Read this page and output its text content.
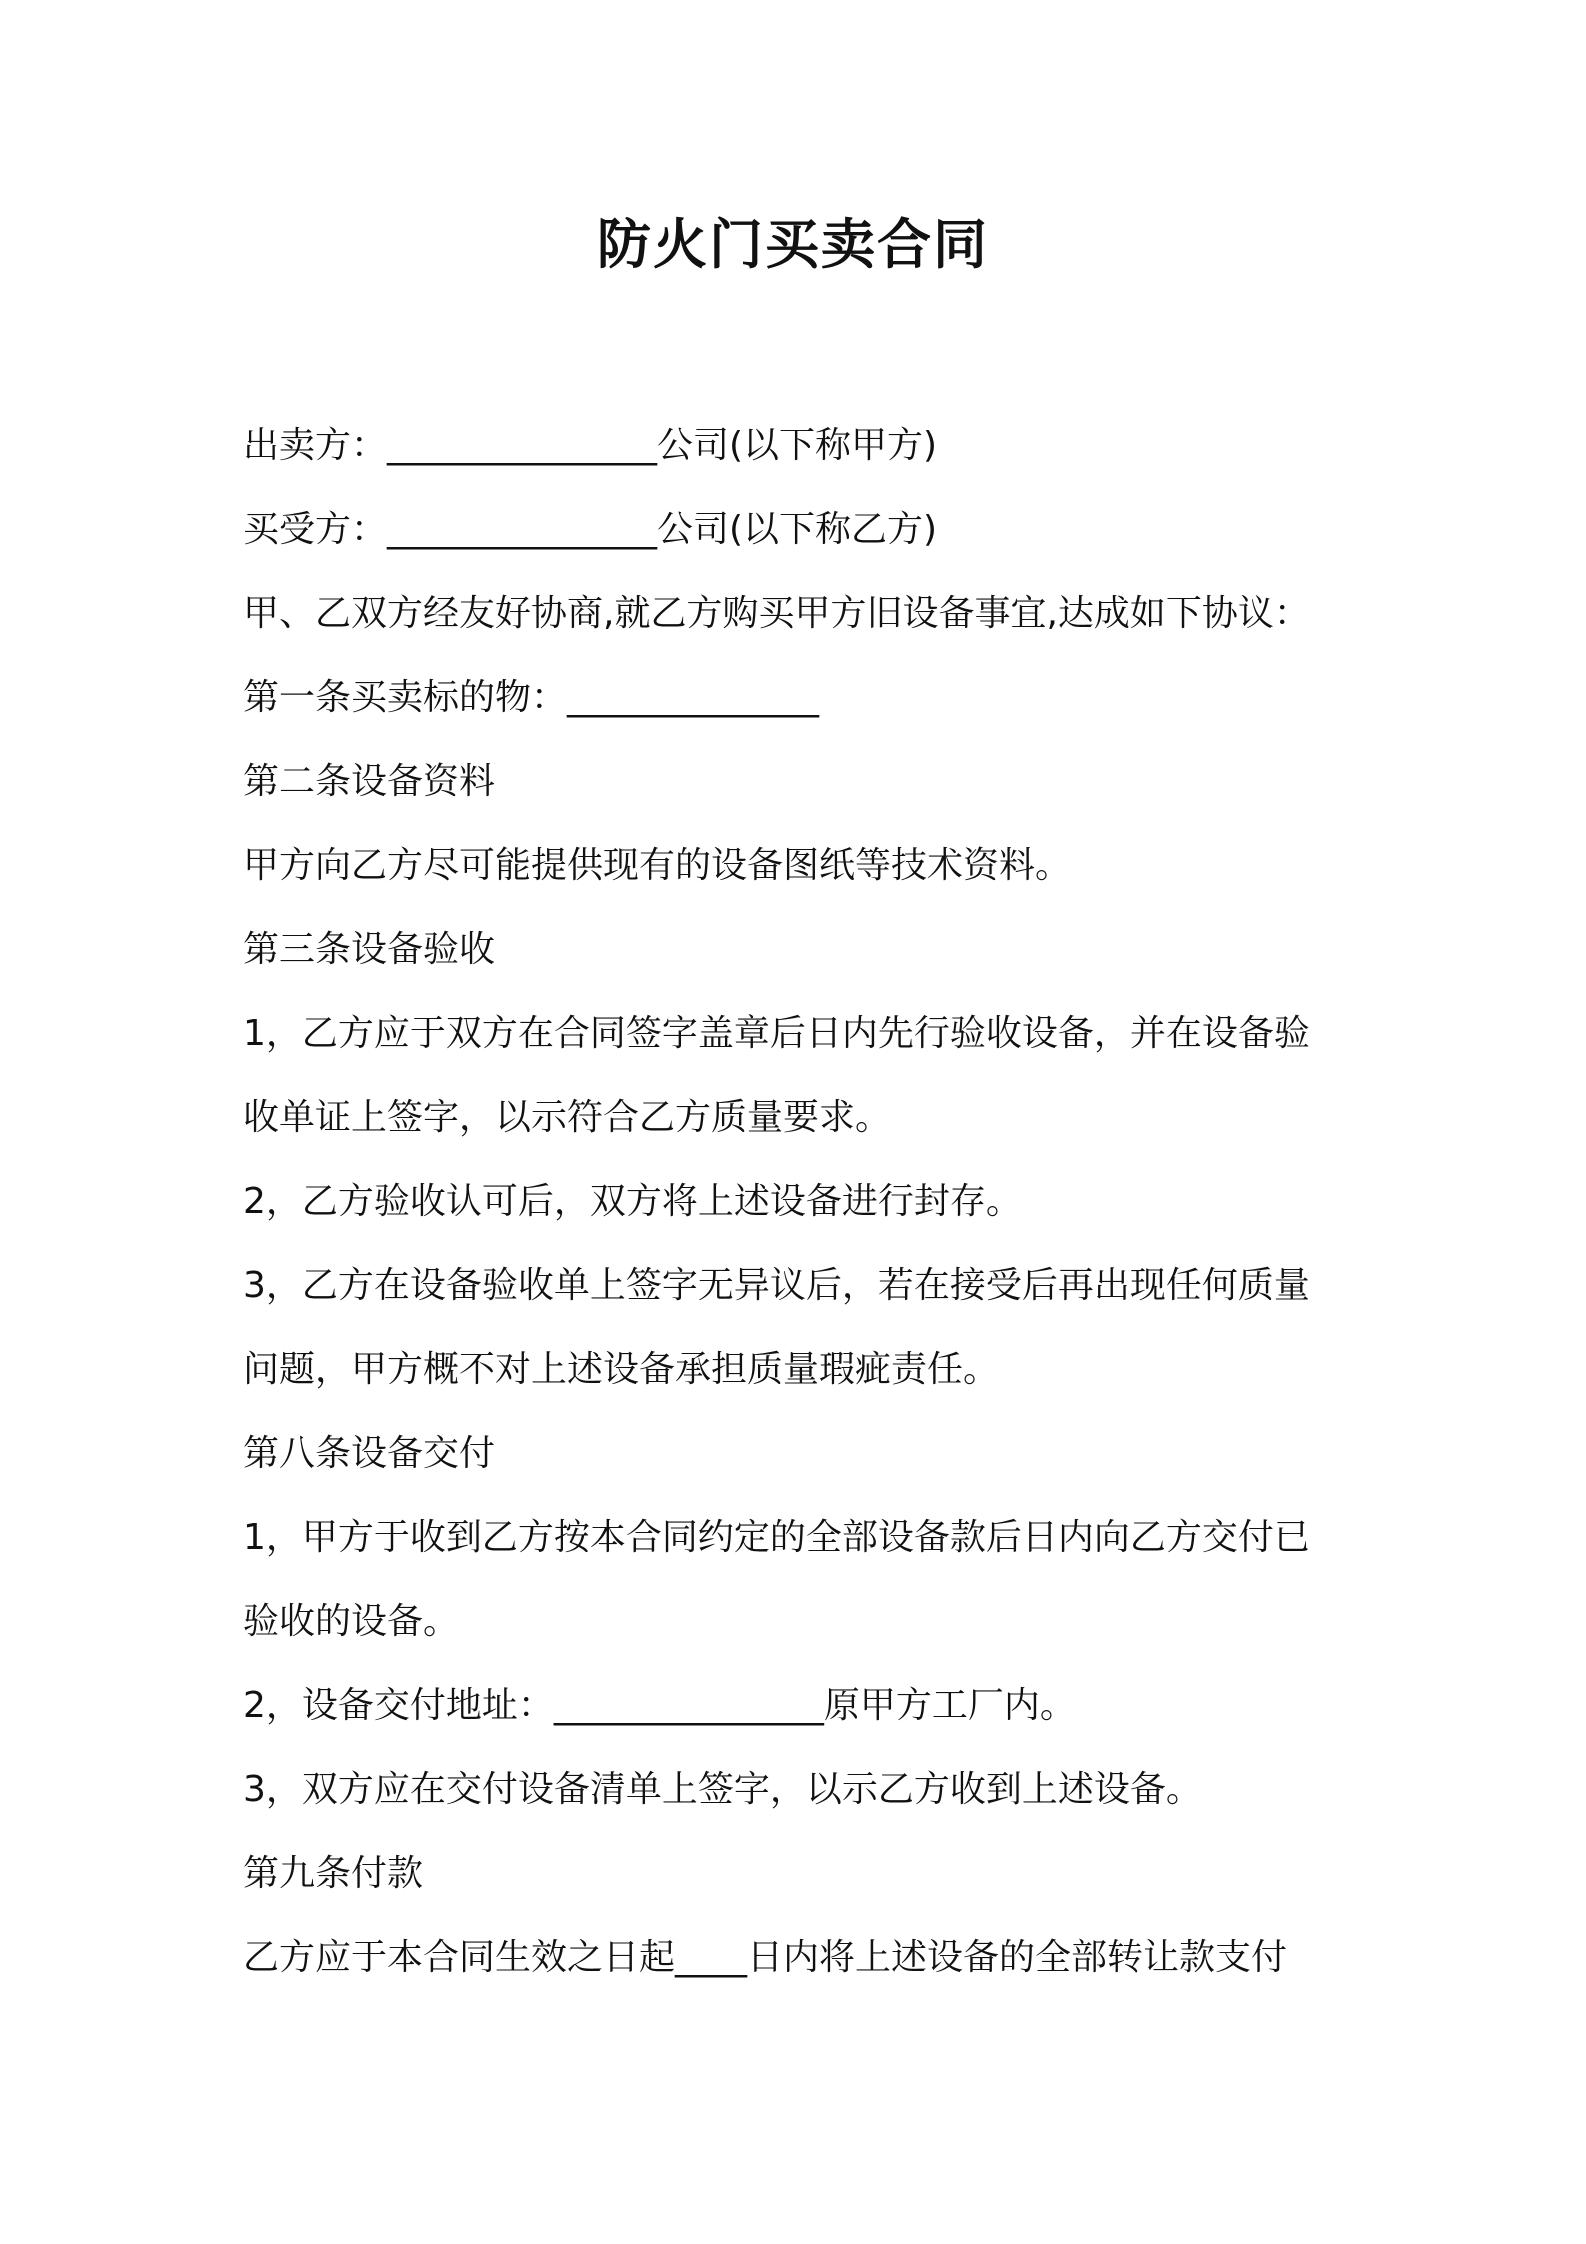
防火门买卖合同
出卖方：_______________公司(以下称甲方)
买受方：_______________公司(以下称乙方)
甲、乙双方经友好协商,就乙方购买甲方旧设备事宜,达成如下协议：
第一条买卖标的物：______________
第二条设备资料
甲方向乙方尽可能提供现有的设备图纸等技术资料。
第三条设备验收
1，乙方应于双方在合同签字盖章后日内先行验收设备，并在设备验
收单证上签字，以示符合乙方质量要求。
2，乙方验收认可后，双方将上述设备进行封存。
3，乙方在设备验收单上签字无异议后，若在接受后再出现任何质量
问题，甲方概不对上述设备承担质量瑕疵责任。
第八条设备交付
1，甲方于收到乙方按本合同约定的全部设备款后日内向乙方交付已
验收的设备。
2，设备交付地址：_______________原甲方工厂内。
3，双方应在交付设备清单上签字，以示乙方收到上述设备。
第九条付款
乙方应于本合同生效之日起____日内将上述设备的全部转让款支付
